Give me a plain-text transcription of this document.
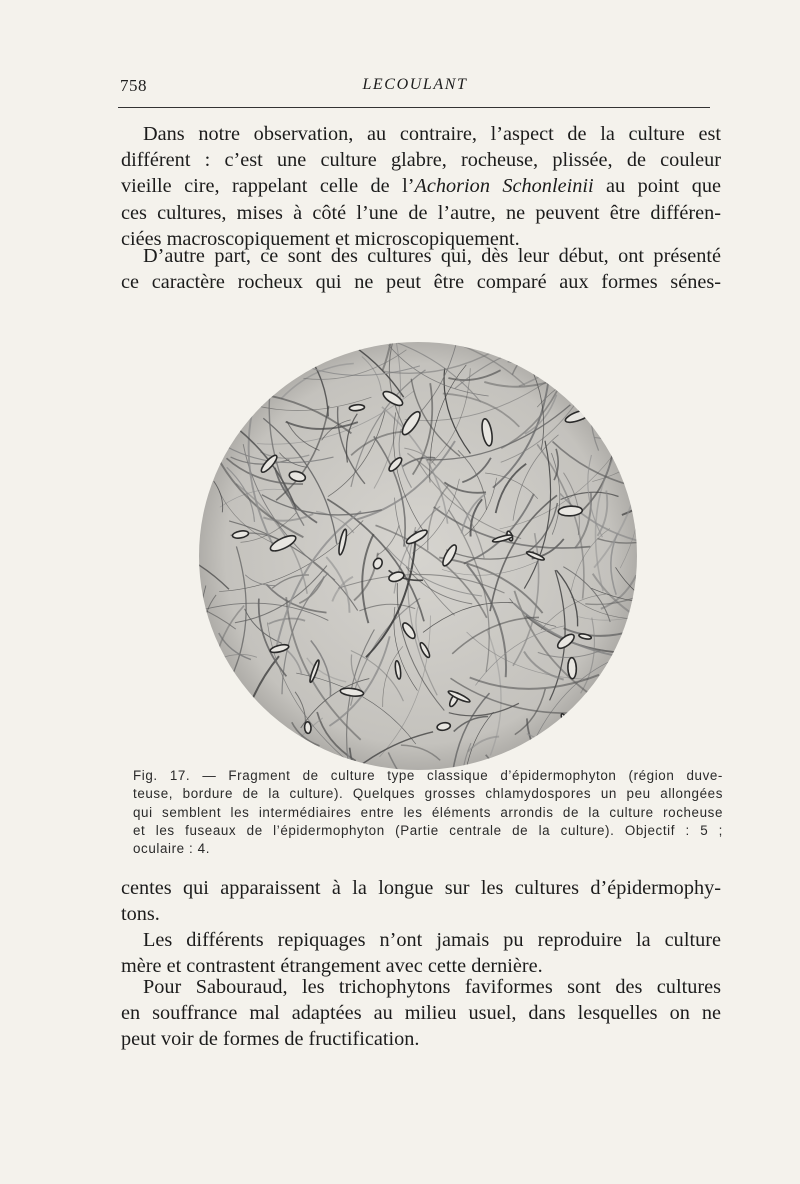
758	LECOULANT
Dans notre observation, au contraire, l’aspect de la culture est
différent : c’est une culture glabre, rocheuse, plissée, de couleur
vieille cire, rappelant celle de l’Achorion Schonleinii au point que
ces cultures, mises à côté l’une de l’autre, ne peuvent être différen-
ciées macroscopiquement et microscopiquement.
D’autre part, ce sont des cultures qui, dès leur début, ont présenté
ce caractère rocheux qui ne peut être comparé aux formes sénes-
Fig. 17. — Fragment de culture type classique d’épidermophyton (région duve-
teuse, bordure de la culture). Quelques grosses chlamydospores un peu allongées
qui semblent les intermédiaires entre les éléments arrondis de la culture rocheuse
et les fuseaux de l’épidermophyton (Partie centrale de la culture). Objectif : 5 ;
oculaire : 4.
centes qui apparaissent à la longue sur les cultures d’épidermophy-
tons.
Les différents repiquages n’ont jamais pu reproduire la culture
mère et contrastent étrangement avec cette dernière.
Pour Sabouraud, les trichophytons faviformes sont des cultures
en souffrance mal adaptées au milieu usuel, dans lesquelles on ne
peut voir de formes de fructification.
